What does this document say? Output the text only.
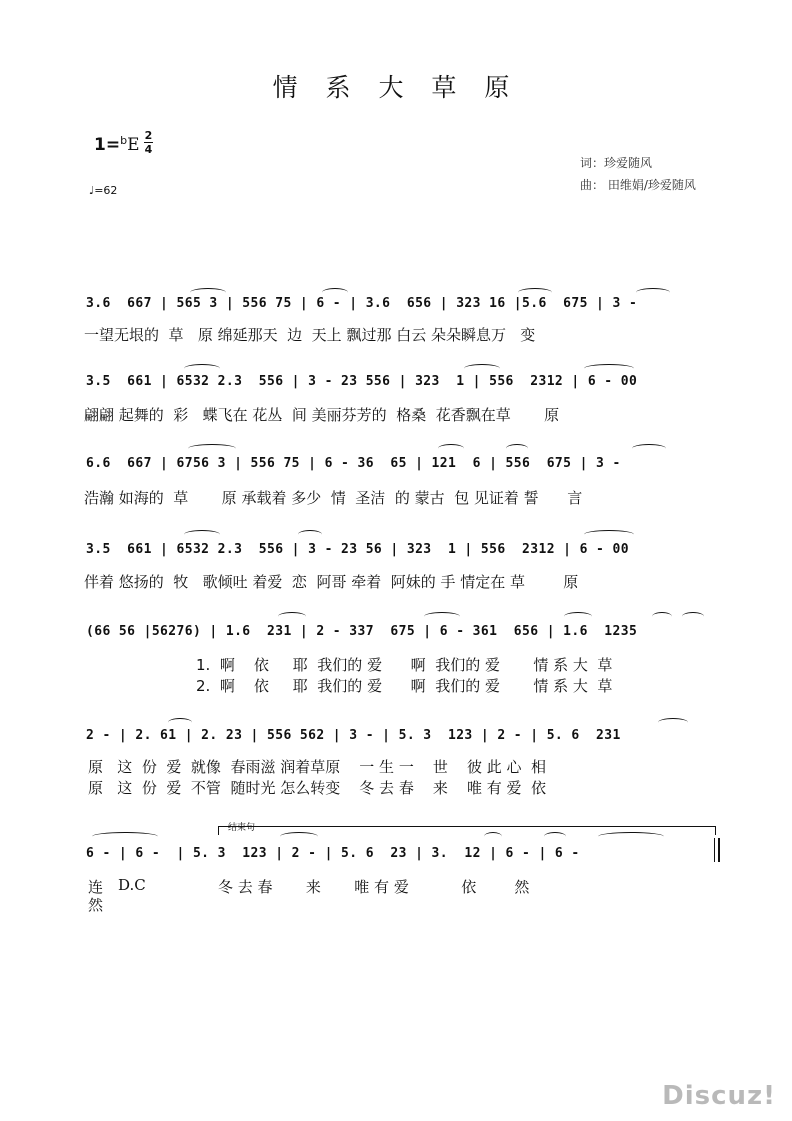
情 系 大 草 原
1=$^b$E 2
4
♩=62
词：珍爱随风
曲： 田维娟/珍爱随风
3.6  667 | 565 3 | 556 75 | 6 - | 3.6  656 | 323 16 |5.6  675 | 3 -
一望无垠的  草   原 绵延那天  边  天上 飘过那 白云 朵朵瞬息万   变
3.5  661 | 6532 2.3  556 | 3 - 23 556 | 323  1 | 556  2312 | 6 - 00
翩翩 起舞的  彩   蝶飞在 花丛  间 美丽芬芳的  格桑  花香飘在草       原
6.6  667 | 6756 3 | 556 75 | 6 - 36  65 | 121  6 | 556  675 | 3 -
浩瀚 如海的  草       原 承载着 多少  情  圣洁  的 蒙古  包 见证着 誓      言
3.5  661 | 6532 2.3  556 | 3 - 23 56 | 323  1 | 556  2312 | 6 - 00
伴着 悠扬的  牧   歌倾吐 着爱  恋  阿哥 牵着  阿妹的 手 情定在 草        原
(66 56 |56276) | 1.6  231 | 2 - 337  675 | 6 - 361  656 | 1.6  1235
1.  啊    依     耶  我们的 爱      啊  我们的 爱       情 系 大  草
2.  啊    依     耶  我们的 爱      啊  我们的 爱       情 系 大  草
2 - | 2. 61 | 2. 23 | 556 562 | 3 - | 5. 3  123 | 2 - | 5. 6  231
原   这  份  爱  就像  春雨滋 润着草原    一 生 一    世    彼 此 心  相
原   这  份  爱  不管  随时光 怎么转变    冬 去 春    来    唯 有 爱  依
结束句
6 - | 6 -  | 5. 3  123 | 2 - | 5. 6  23 | 3.  12 | 6 - | 6 -
连 D.C	冬 去 春       来       唯 有 爱           依        然
然
Discuz!
